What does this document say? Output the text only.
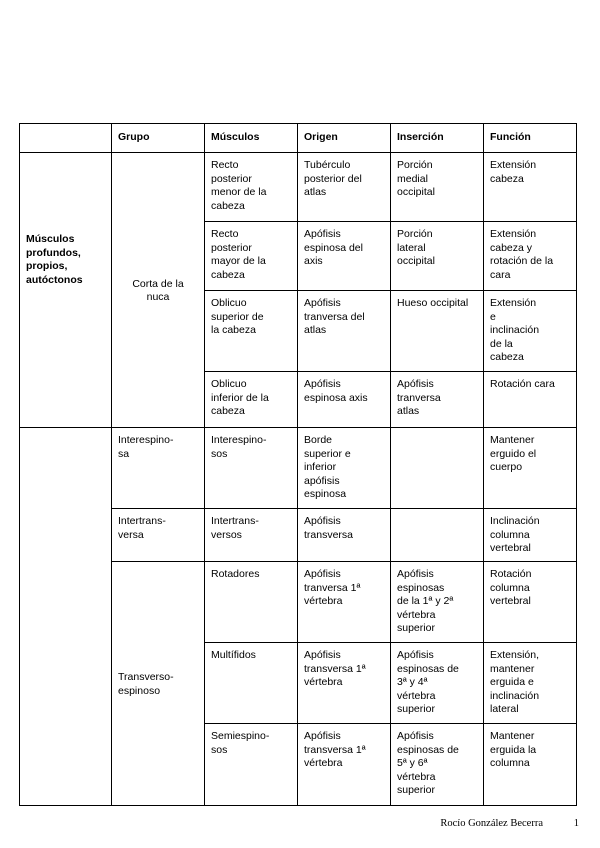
	Grupo	Músculos	Origen	Inserción	Función

Músculos
profundos,
propios,
autóctonos	Corta de la
nuca	Recto
posterior
menor de la
cabeza	Tubérculo
posterior del
atlas	Porción
medial
occipital	Extensión
cabeza

		Recto
posterior
mayor de la
cabeza	Apófisis
espinosa del
axis	Porción
lateral
occipital	Extensión
cabeza y
rotación de la
cara

		Oblicuo
superior de
la cabeza	Apófisis
tranversa del
atlas	Hueso occipital	Extensión
e
inclinación
de la
cabeza

		Oblicuo
inferior de la
cabeza	Apófisis
espinosa axis	Apófisis
tranversa
atlas	Rotación cara

	Interespino-
sa	Interespino-
sos	Borde
superior e
inferior
apófisis
espinosa		Mantener
erguido el
cuerpo

	Intertrans-
versa	Intertrans-
versos	Apófisis
transversa		Inclinación
columna
vertebral

	Transverso-
espinoso	Rotadores	Apófisis
tranversa 1ª
vértebra	Apófisis
espinosas
de la 1ª y 2ª
vértebra
superior	Rotación
columna
vertebral

		Multífidos	Apófisis
transversa 1ª
vértebra	Apófisis
espinosas de
3ª y 4ª
vértebra
superior	Extensión,
mantener
erguida e
inclinación
lateral

		Semiespino-
sos	Apófisis
transversa 1ª
vértebra	Apófisis
espinosas de
5ª y 6ª
vértebra
superior	Mantener
erguida la
columna
Rocío González Becerra	1
